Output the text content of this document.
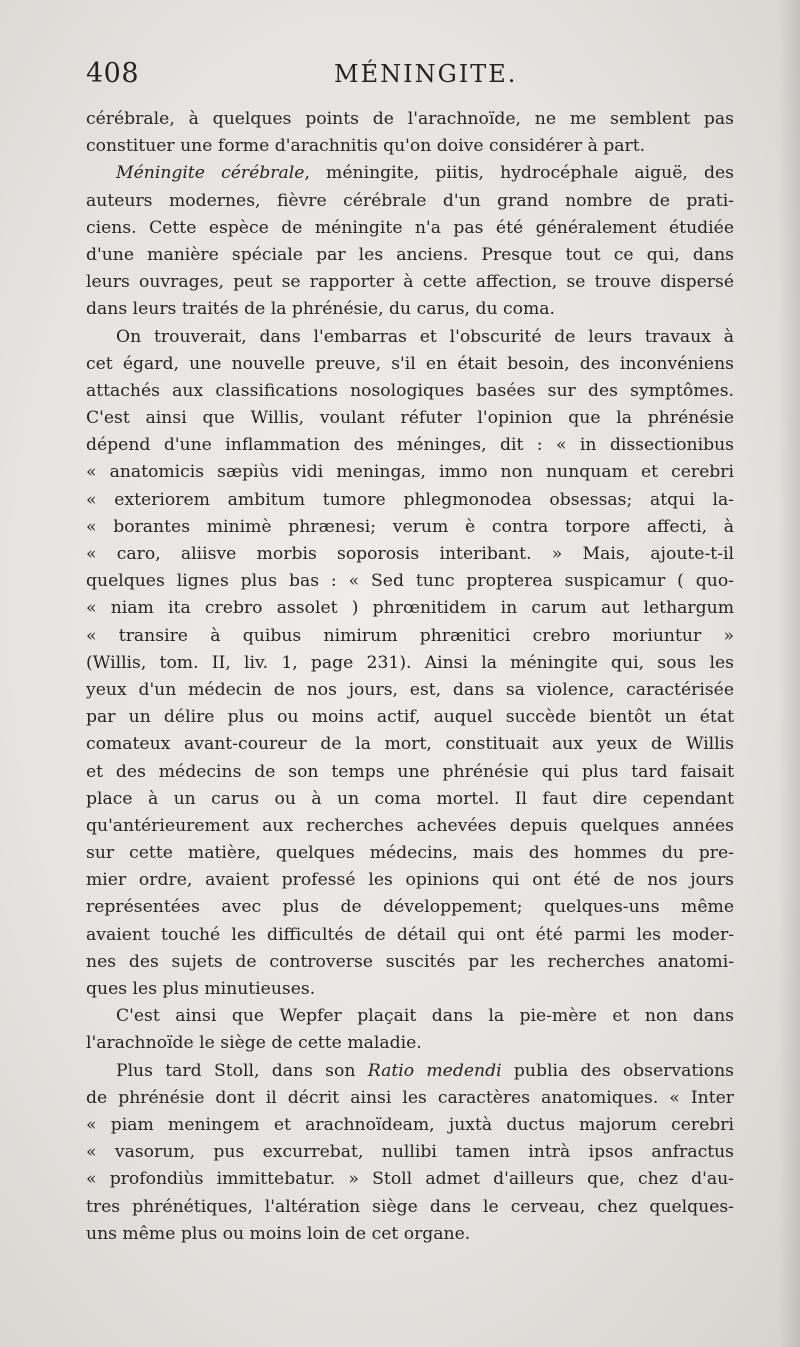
408	MÉNINGITE.
cérébrale, à quelques points de l'arachnoïde, ne me semblent pas
constituer une forme d'arachnitis qu'on doive considérer à part.
Méningite cérébrale, méningite, piitis, hydrocéphale aiguë, des
auteurs modernes, fièvre cérébrale d'un grand nombre de prati-
ciens. Cette espèce de méningite n'a pas été généralement étudiée
d'une manière spéciale par les anciens. Presque tout ce qui, dans
leurs ouvrages, peut se rapporter à cette affection, se trouve dispersé
dans leurs traités de la phrénésie, du carus, du coma.
On trouverait, dans l'embarras et l'obscurité de leurs travaux à
cet égard, une nouvelle preuve, s'il en était besoin, des inconvéniens
attachés aux classifications nosologiques basées sur des symptômes.
C'est ainsi que Willis, voulant réfuter l'opinion que la phrénésie
dépend d'une inflammation des méninges, dit : « in dissectionibus
« anatomicis sæpiùs vidi meningas, immo non nunquam et cerebri
« exteriorem ambitum tumore phlegmonodea obsessas; atqui la-
« borantes minimè phrænesi; verum è contra torpore affecti, à
« caro, aliisve morbis soporosis interibant. » Mais, ajoute-t-il
quelques lignes plus bas : « Sed tunc propterea suspicamur ( quo-
« niam ita crebro assolet ) phrœnitidem in carum aut lethargum
« transire à quibus nimirum phrænitici crebro moriuntur »
(Willis, tom. II, liv. 1, page 231). Ainsi la méningite qui, sous les
yeux d'un médecin de nos jours, est, dans sa violence, caractérisée
par un délire plus ou moins actif, auquel succède bientôt un état
comateux avant-coureur de la mort, constituait aux yeux de Willis
et des médecins de son temps une phrénésie qui plus tard faisait
place à un carus ou à un coma mortel. Il faut dire cependant
qu'antérieurement aux recherches achevées depuis quelques années
sur cette matière, quelques médecins, mais des hommes du pre-
mier ordre, avaient professé les opinions qui ont été de nos jours
représentées avec plus de développement; quelques-uns même
avaient touché les difficultés de détail qui ont été parmi les moder-
nes des sujets de controverse suscités par les recherches anatomi-
ques les plus minutieuses.
C'est ainsi que Wepfer plaçait dans la pie-mère et non dans
l'arachnoïde le siège de cette maladie.
Plus tard Stoll, dans son Ratio medendi publia des observations
de phrénésie dont il décrit ainsi les caractères anatomiques. « Inter
« piam meningem et arachnoïdeam, juxtà ductus majorum cerebri
« vasorum, pus excurrebat, nullibi tamen intrà ipsos anfractus
« profondiùs immittebatur. » Stoll admet d'ailleurs que, chez d'au-
tres phrénétiques, l'altération siège dans le cerveau, chez quelques-
uns même plus ou moins loin de cet organe.
